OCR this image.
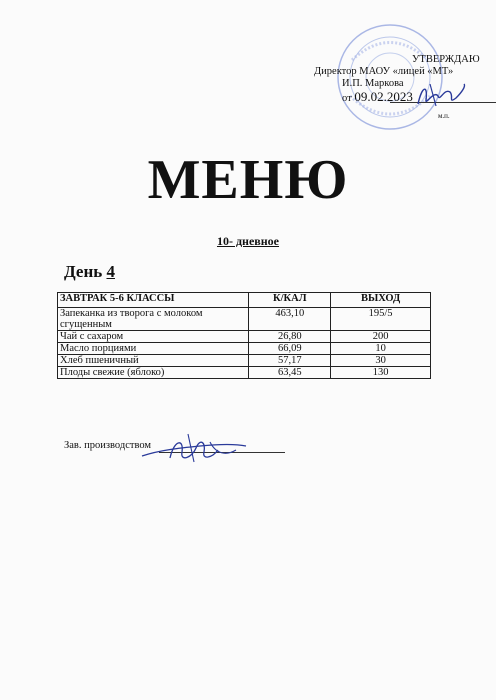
УТВЕРЖДАЮ
Директор МАОУ «лицей «МТ»
И.П. Маркова
от 09.02.2023
м.п.
МЕНЮ
10- дневное
День 4
ЗАВТРАК 5-6 КЛАССЫ	К/КАЛ	ВЫХОД
Запеканка из творога с молоком сгущенным	463,10	195/5
Чай с сахаром	26,80	200
Масло порциями	66,09	10
Хлеб пшеничный	57,17	30
Плоды свежие (яблоко)	63,45	130
Зав. производством
